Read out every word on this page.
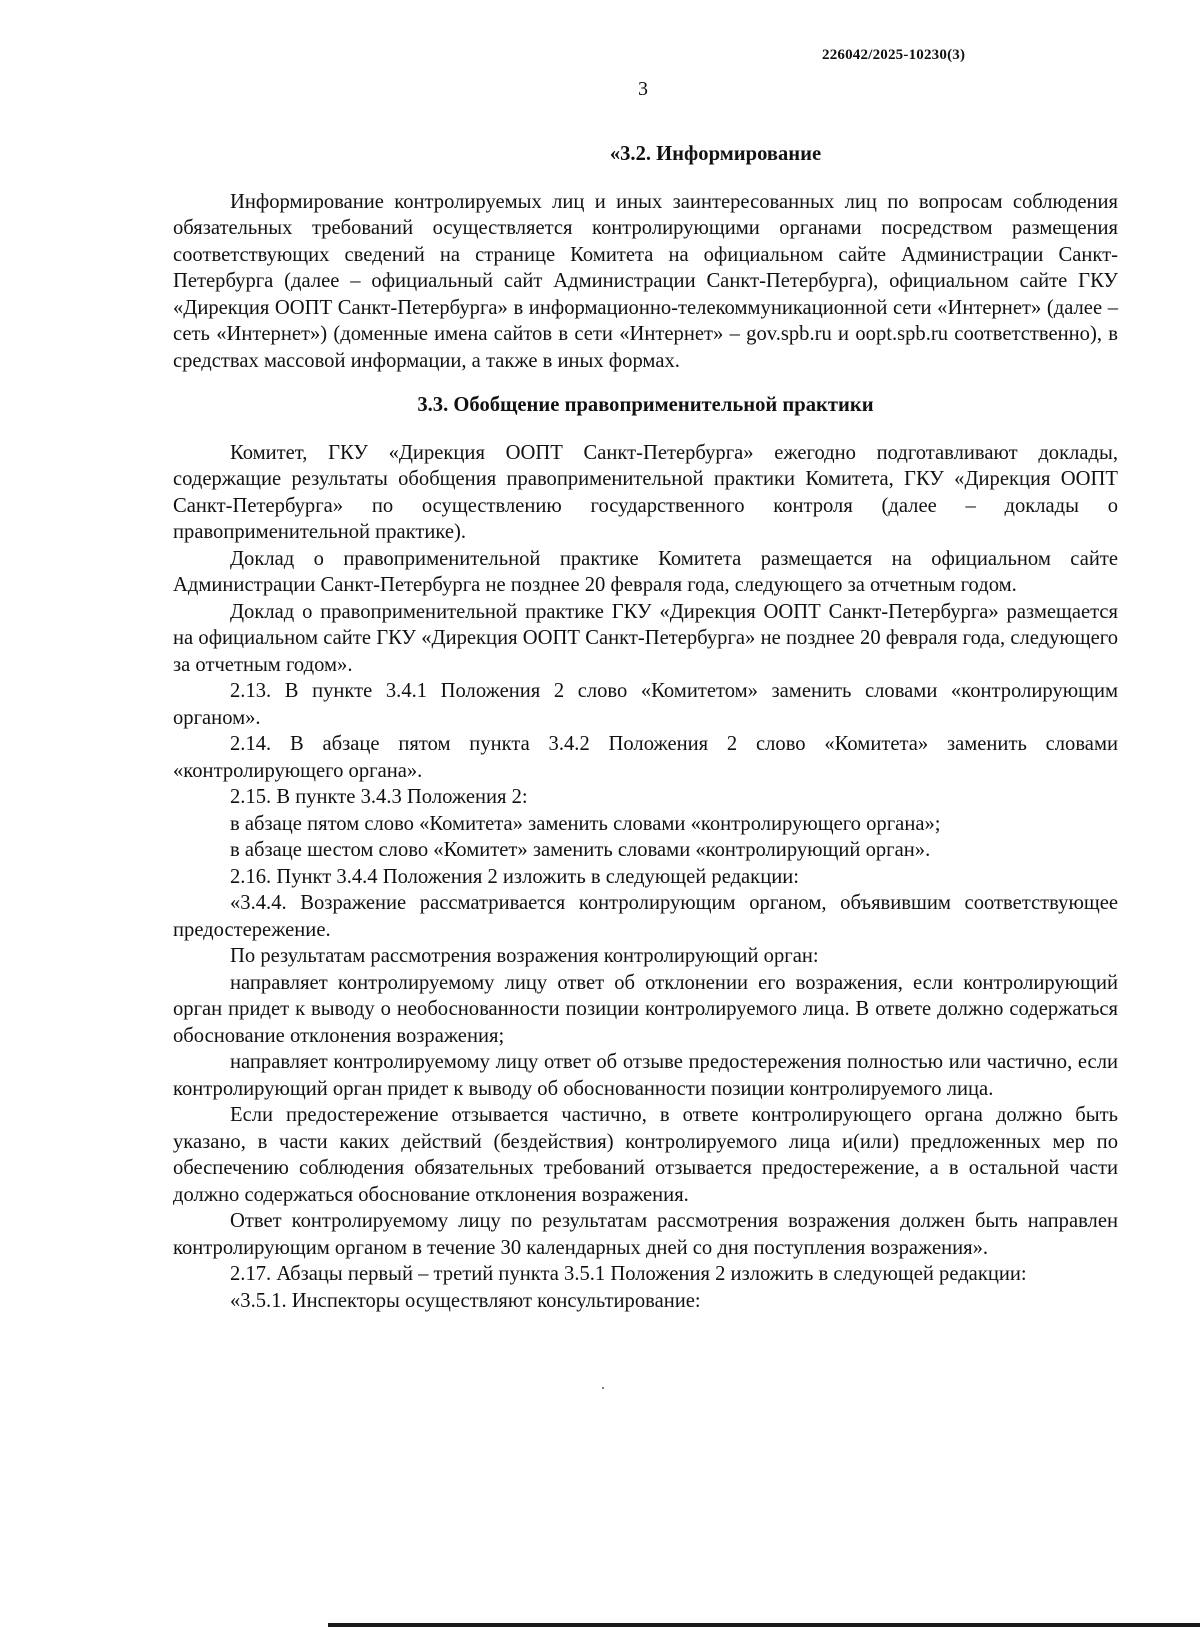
226042/2025-10230(3)
3
«3.2. Информирование

Информирование контролируемых лиц и иных заинтересованных лиц по вопросам соблюдения обязательных требований осуществляется контролирующими органами посредством размещения соответствующих сведений на странице Комитета на официальном сайте Администрации Санкт-Петербурга (далее – официальный сайт Администрации Санкт-Петербурга), официальном сайте ГКУ «Дирекция ООПТ Санкт-Петербурга» в информационно-телекоммуникационной сети «Интернет» (далее – сеть «Интернет») (доменные имена сайтов в сети «Интернет» – gov.spb.ru и oopt.spb.ru соответственно), в средствах массовой информации, а также в иных формах.

3.3. Обобщение правоприменительной практики

Комитет, ГКУ «Дирекция ООПТ Санкт-Петербурга» ежегодно подготавливают доклады, содержащие результаты обобщения правоприменительной практики Комитета, ГКУ «Дирекция ООПТ Санкт-Петербурга» по осуществлению государственного контроля (далее – доклады о правоприменительной практике).

Доклад о правоприменительной практике Комитета размещается на официальном сайте Администрации Санкт-Петербурга не позднее 20 февраля года, следующего за отчетным годом.

Доклад о правоприменительной практике ГКУ «Дирекция ООПТ Санкт-Петербурга» размещается на официальном сайте ГКУ «Дирекция ООПТ Санкт-Петербурга» не позднее 20 февраля года, следующего за отчетным годом».

2.13. В пункте 3.4.1 Положения 2 слово «Комитетом» заменить словами «контролирующим органом».

2.14. В абзаце пятом пункта 3.4.2 Положения 2 слово «Комитета» заменить словами «контролирующего органа».

2.15. В пункте 3.4.3 Положения 2:

в абзаце пятом слово «Комитета» заменить словами «контролирующего органа»;

в абзаце шестом слово «Комитет» заменить словами «контролирующий орган».

2.16. Пункт 3.4.4 Положения 2 изложить в следующей редакции:

«3.4.4. Возражение рассматривается контролирующим органом, объявившим соответствующее предостережение.

По результатам рассмотрения возражения контролирующий орган:

направляет контролируемому лицу ответ об отклонении его возражения, если контролирующий орган придет к выводу о необоснованности позиции контролируемого лица. В ответе должно содержаться обоснование отклонения возражения;

направляет контролируемому лицу ответ об отзыве предостережения полностью или частично, если контролирующий орган придет к выводу об обоснованности позиции контролируемого лица.

Если предостережение отзывается частично, в ответе контролирующего органа должно быть указано, в части каких действий (бездействия) контролируемого лица и(или) предложенных мер по обеспечению соблюдения обязательных требований отзывается предостережение, а в остальной части должно содержаться обоснование отклонения возражения.

Ответ контролируемому лицу по результатам рассмотрения возражения должен быть направлен контролирующим органом в течение 30 календарных дней со дня поступления возражения».

2.17. Абзацы первый – третий пункта 3.5.1 Положения 2 изложить в следующей редакции:

«3.5.1. Инспекторы осуществляют консультирование:
